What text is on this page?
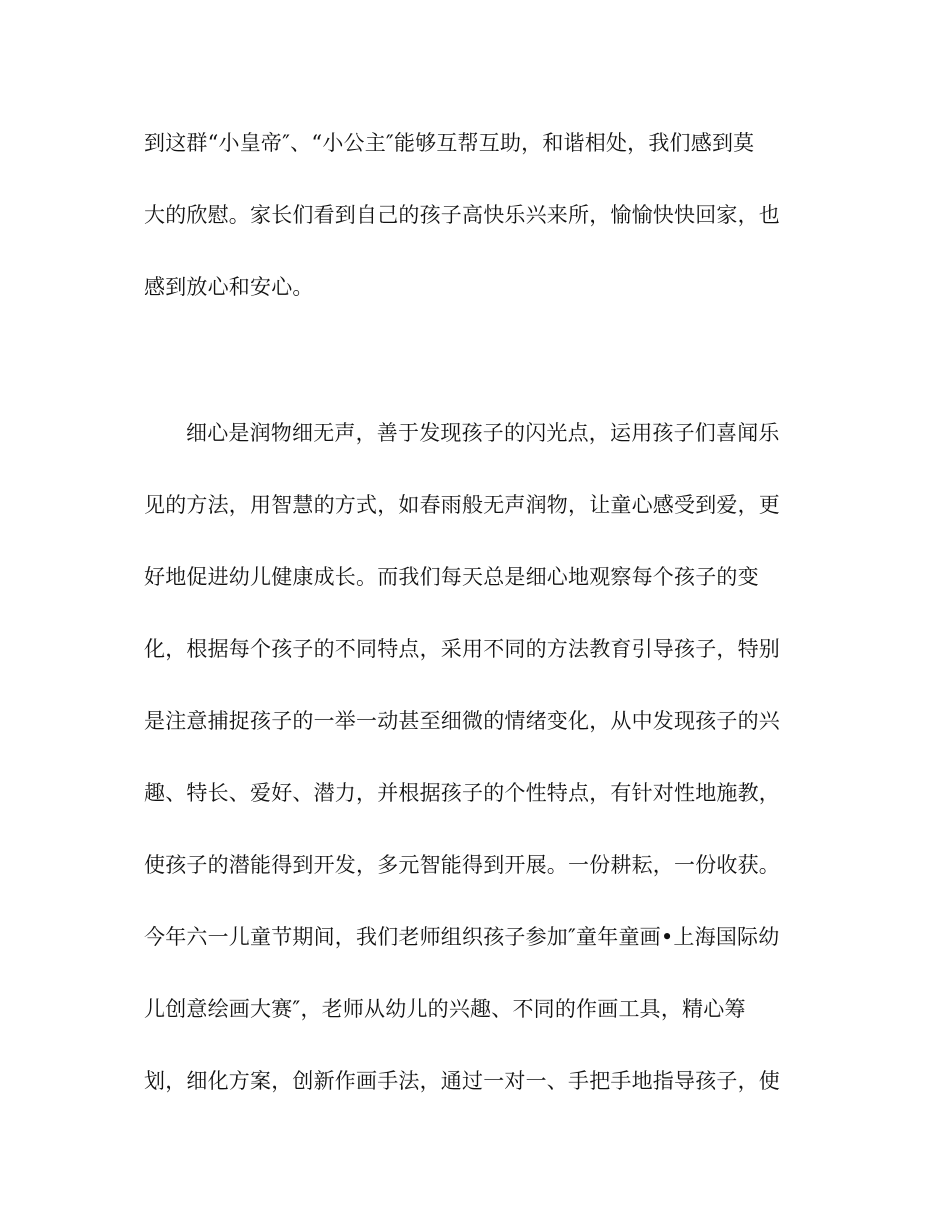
到这群“小皇帝″、“小公主″能够互帮互助，和谐相处，我们感到莫
大的欣慰。家长们看到自己的孩子高快乐兴来所，愉愉快快回家，也
感到放心和安心。
细心是润物细无声，善于发现孩子的闪光点，运用孩子们喜闻乐
见的方法，用智慧的方式，如春雨般无声润物，让童心感受到爱，更
好地促进幼儿健康成长。而我们每天总是细心地观察每个孩子的变
化，根据每个孩子的不同特点，采用不同的方法教育引导孩子，特别
是注意捕捉孩子的一举一动甚至细微的情绪变化，从中发现孩子的兴
趣、特长、爱好、潜力，并根据孩子的个性特点，有针对性地施教，
使孩子的潜能得到开发，多元智能得到开展。一份耕耘，一份收获。
今年六一儿童节期间，我们老师组织孩子参加″童年童画•上海国际幼
儿创意绘画大赛″，老师从幼儿的兴趣、不同的作画工具，精心筹
划，细化方案，创新作画手法，通过一对一、手把手地指导孩子，使
